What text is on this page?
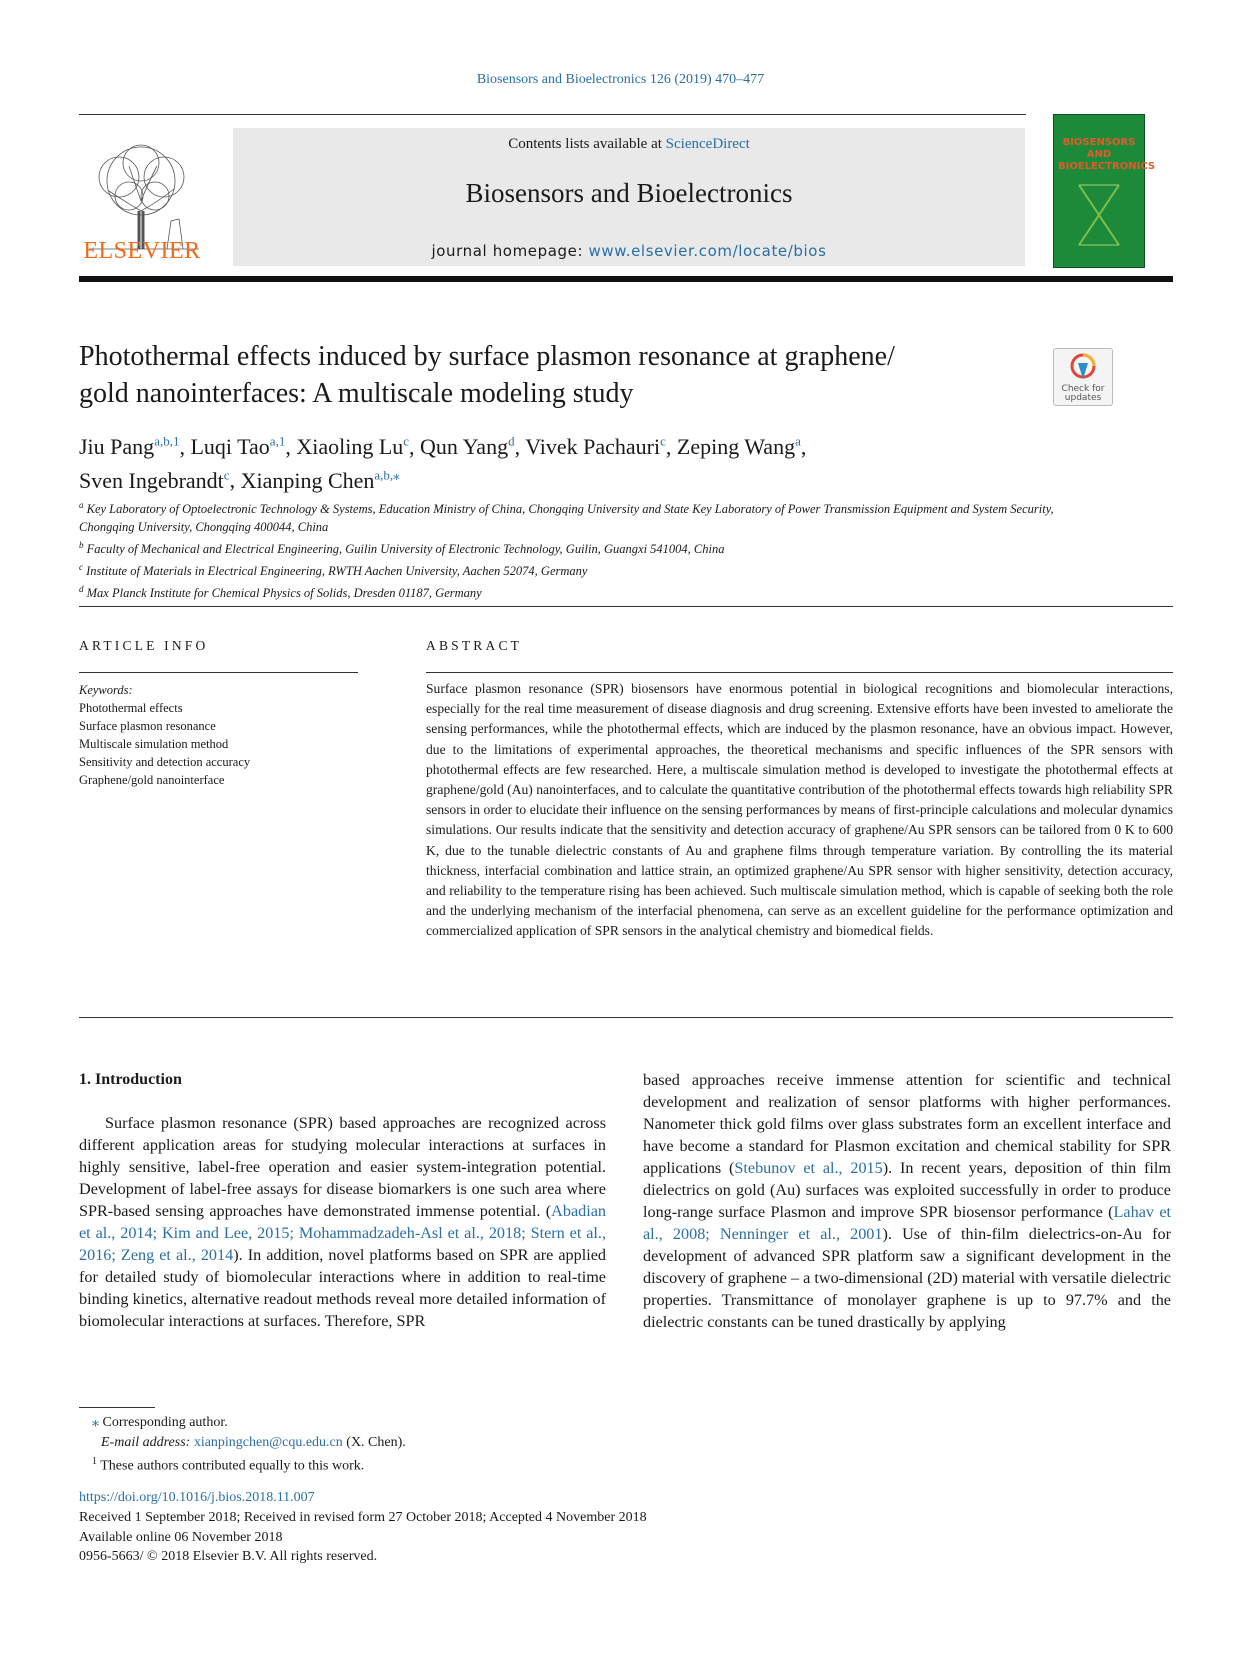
Biosensors and Bioelectronics 126 (2019) 470–477
ELSEVIER
Contents lists available at ScienceDirect
Biosensors and Bioelectronics
journal homepage: www.elsevier.com/locate/bios
BIOSENSORS AND BIOELECTRONICS
Photothermal effects induced by surface plasmon resonance at graphene/
gold nanointerfaces: A multiscale modeling study	Check for updates
Jiu Pang$^{a,b,1}$, Luqi Tao$^{a,1}$, Xiaoling Lu$^c$, Qun Yang$^d$, Vivek Pachauri$^c$, Zeping Wang$^a$,
Sven Ingebrandt$^c$, Xianping Chen$^{a,b,⁎}$
$^a$ Key Laboratory of Optoelectronic Technology & Systems, Education Ministry of China, Chongqing University and State Key Laboratory of Power Transmission Equipment and System Security, Chongqing University, Chongqing 400044, China
$^b$ Faculty of Mechanical and Electrical Engineering, Guilin University of Electronic Technology, Guilin, Guangxi 541004, China
$^c$ Institute of Materials in Electrical Engineering, RWTH Aachen University, Aachen 52074, Germany
$^d$ Max Planck Institute for Chemical Physics of Solids, Dresden 01187, Germany
ARTICLE INFO	ABSTRACT
Keywords:
Photothermal effects
Surface plasmon resonance
Multiscale simulation method
Sensitivity and detection accuracy
Graphene/gold nanointerface
Surface plasmon resonance (SPR) biosensors have enormous potential in biological recognitions and biomolecular interactions, especially for the real time measurement of disease diagnosis and drug screening. Extensive efforts have been invested to ameliorate the sensing performances, while the photothermal effects, which are induced by the plasmon resonance, have an obvious impact. However, due to the limitations of experimental approaches, the theoretical mechanisms and specific influences of the SPR sensors with photothermal effects are few researched. Here, a multiscale simulation method is developed to investigate the photothermal effects at graphene/gold (Au) nanointerfaces, and to calculate the quantitative contribution of the photothermal effects towards high reliability SPR sensors in order to elucidate their influence on the sensing performances by means of first-principle calculations and molecular dynamics simulations. Our results indicate that the sensitivity and detection accuracy of graphene/Au SPR sensors can be tailored from 0 K to 600 K, due to the tunable dielectric constants of Au and graphene films through temperature variation. By controlling the its material thickness, interfacial combination and lattice strain, an optimized graphene/Au SPR sensor with higher sensitivity, detection accuracy, and reliability to the temperature rising has been achieved. Such multiscale simulation method, which is capable of seeking both the role and the underlying mechanism of the interfacial phenomena, can serve as an excellent guideline for the performance optimization and commercialized application of SPR sensors in the analytical chemistry and biomedical fields.
1. Introduction
Surface plasmon resonance (SPR) based approaches are recognized across different application areas for studying molecular interactions at surfaces in highly sensitive, label-free operation and easier system-integration potential. Development of label-free assays for disease biomarkers is one such area where SPR-based sensing approaches have demonstrated immense potential. (Abadian et al., 2014; Kim and Lee, 2015; Mohammadzadeh-Asl et al., 2018; Stern et al., 2016; Zeng et al., 2014). In addition, novel platforms based on SPR are applied for detailed study of biomolecular interactions where in addition to real-time binding kinetics, alternative readout methods reveal more detailed information of biomolecular interactions at surfaces. Therefore, SPR
based approaches receive immense attention for scientific and technical development and realization of sensor platforms with higher performances. Nanometer thick gold films over glass substrates form an excellent interface and have become a standard for Plasmon excitation and chemical stability for SPR applications (Stebunov et al., 2015). In recent years, deposition of thin film dielectrics on gold (Au) surfaces was exploited successfully in order to produce long-range surface Plasmon and improve SPR biosensor performance (Lahav et al., 2008; Nenninger et al., 2001). Use of thin-film dielectrics-on-Au for development of advanced SPR platform saw a significant development in the discovery of graphene – a two-dimensional (2D) material with versatile dielectric properties. Transmittance of monolayer graphene is up to 97.7% and the dielectric constants can be tuned drastically by applying
⁎ Corresponding author.
E-mail address: xianpingchen@cqu.edu.cn (X. Chen).
$^1$ These authors contributed equally to this work.
https://doi.org/10.1016/j.bios.2018.11.007
Received 1 September 2018; Received in revised form 27 October 2018; Accepted 4 November 2018
Available online 06 November 2018
0956-5663/ © 2018 Elsevier B.V. All rights reserved.
